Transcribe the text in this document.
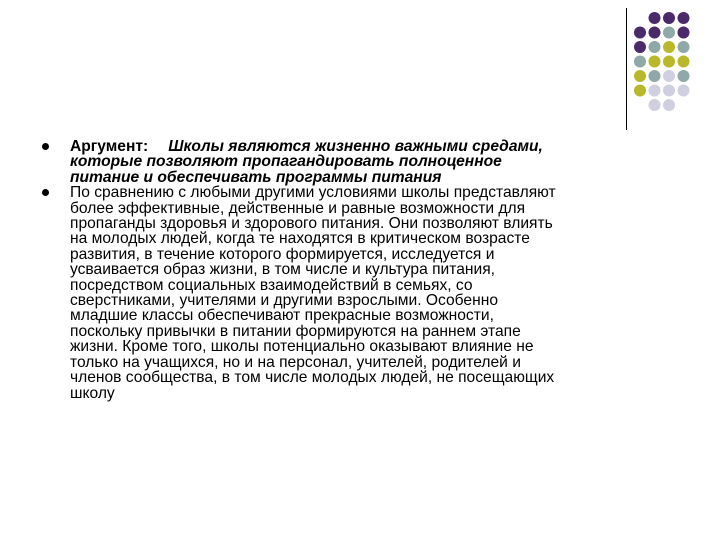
Аргумент: Школы являются жизненно важными средами,
которые позволяют пропагандировать полноценное
питание и обеспечивать программы питания
По сравнению с любыми другими условиями школы представляют
более эффективные, действенные и равные возможности для
пропаганды здоровья и здорового питания. Они позволяют влиять
на молодых людей, когда те находятся в критическом возрасте
развития, в течение которого формируется, исследуется и
усваивается образ жизни, в том числе и культура питания,
посредством социальных взаимодействий в семьях, со
сверстниками, учителями и другими взрослыми. Особенно
младшие классы обеспечивают прекрасные возможности,
поскольку привычки в питании формируются на раннем этапе
жизни. Кроме того, школы потенциально оказывают влияние не
только на учащихся, но и на персонал, учителей, родителей и
членов сообщества, в том числе молодых людей, не посещающих
школу
